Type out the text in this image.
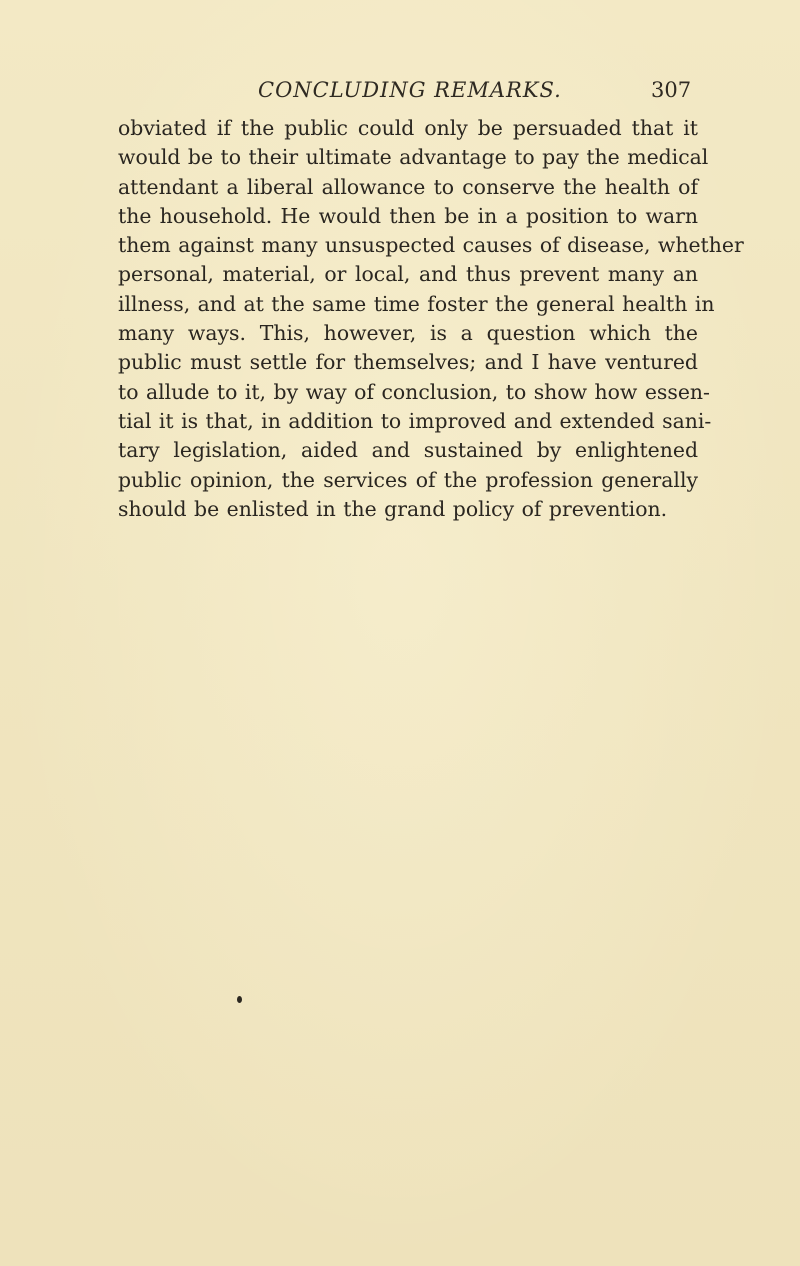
CONCLUDING REMARKS.	307
obviated if the public could only be persuaded that it
would be to their ultimate advantage to pay the medical
attendant a liberal allowance to conserve the health of
the household. He would then be in a position to warn
them against many unsuspected causes of disease, whether
personal, material, or local, and thus prevent many an
illness, and at the same time foster the general health in
many ways. This, however, is a question which the
public must settle for themselves; and I have ventured
to allude to it, by way of conclusion, to show how essen-
tial it is that, in addition to improved and extended sani-
tary legislation, aided and sustained by enlightened
public opinion, the services of the profession generally
should be enlisted in the grand policy of prevention.
